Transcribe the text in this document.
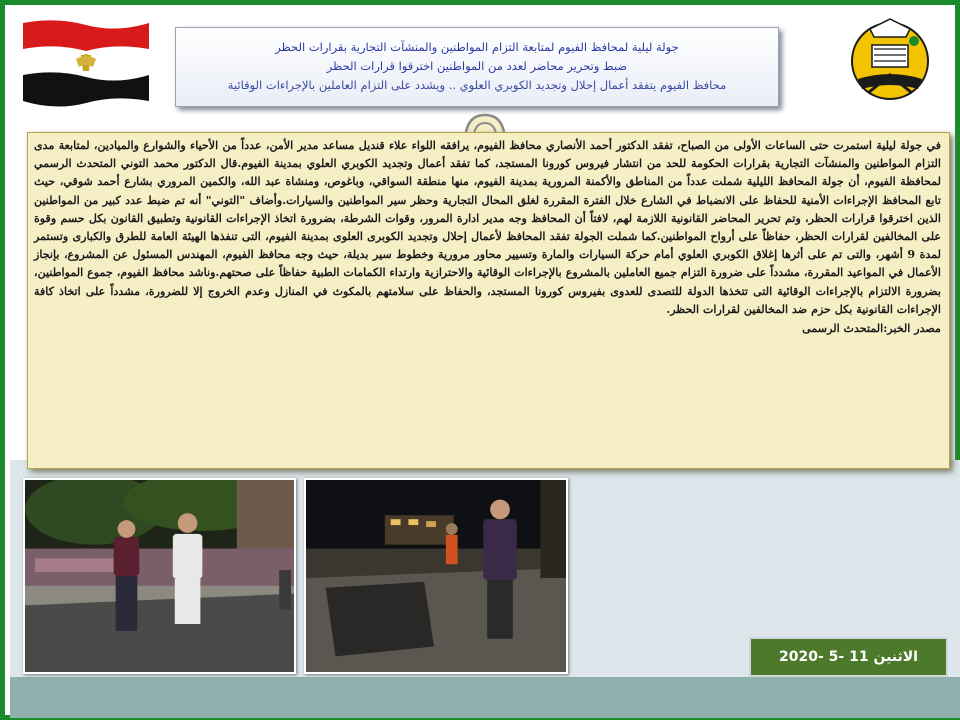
جولة ليلية لمحافظ الفيوم لمتابعة التزام المواطنين والمنشآت التجارية بقرارات الحظر
ضبط وتحرير محاضر لعدد من المواطنين اخترقوا قرارات الحظر
محافظ الفيوم يتفقد أعمال إحلال وتجديد الكوبري العلوي .. ويشدد على التزام العاملين بالإجراءات الوقائية
في جولة ليلية استمرت حتى الساعات الأولى من الصباح، تفقد الدكتور أحمد الأنصاري محافظ الفيوم، يرافقه اللواء علاء قنديل مساعد مدير الأمن، عدداً من الأحياء والشوارع والميادين، لمتابعة مدى التزام المواطنين والمنشآت التجارية بقرارات الحكومة للحد من انتشار فيروس كورونا المستجد، كما تفقد أعمال وتجديد الكوبري العلوي بمدينة الفيوم.قال الدكتور محمد التوني المتحدث الرسمي لمحافظة الفيوم، أن جولة المحافظ الليلية شملت عدداً من المناطق والأكمنة المرورية بمدينة الفيوم، منها منطقة السواقي، وباغوص، ومنشاة عبد الله، والكمين المروري بشارع أحمد شوقي، حيث تابع المحافظ الإجراءات الأمنية للحفاظ على الانضباط في الشارع خلال الفترة المقررة لغلق المحال التجارية وحظر سير المواطنين والسيارات.وأضاف "التوني" أنه تم ضبط عدد كبير من المواطنين الذين اخترقوا قرارات الحظر، وتم تحرير المحاضر القانونية اللازمة لهم، لافتاً أن المحافظ وجه مدير ادارة المرور، وقوات الشرطة، بضرورة اتخاذ الإجراءات القانونية وتطبيق القانون بكل حسم وقوة على المخالفين لقرارات الحظر، حفاظاً على أرواح المواطنين.كما شملت الجولة تفقد المحافظ لأعمال إحلال وتجديد الكوبرى العلوى بمدينة الفيوم، التى تنفذها الهيئة العامة للطرق والكبارى وتستمر لمدة 9 أشهر، والتى تم على أثرها إغلاق الكوبري العلوي أمام حركة السيارات والمارة وتسيير محاور مرورية وخطوط سير بديلة، حيث وجه محافظ الفيوم، المهندس المسئول عن المشروع، بإنجاز الأعمال في المواعيد المقررة، مشدداً على ضرورة التزام جميع العاملين بالمشروع بالإجراءات الوقائية والاحترازية وارتداء الكمامات الطبية حفاظاً على صحتهم.وناشد محافظ الفيوم، جموع المواطنين، بضرورة الالتزام بالإجراءات الوقائية التى تتخذها الدولة للتصدى للعدوى بفيروس كورونا المستجد، والحفاظ على سلامتهم بالمكوث في المنازل وعدم الخروج إلا للضرورة، مشدداً على اتخاذ كافة الإجراءات القانونية بكل حزم ضد المخالفين لقرارات الحظر.
مصدر الخبر:المتحدث الرسمى
الاثنين 11 -5 -2020
